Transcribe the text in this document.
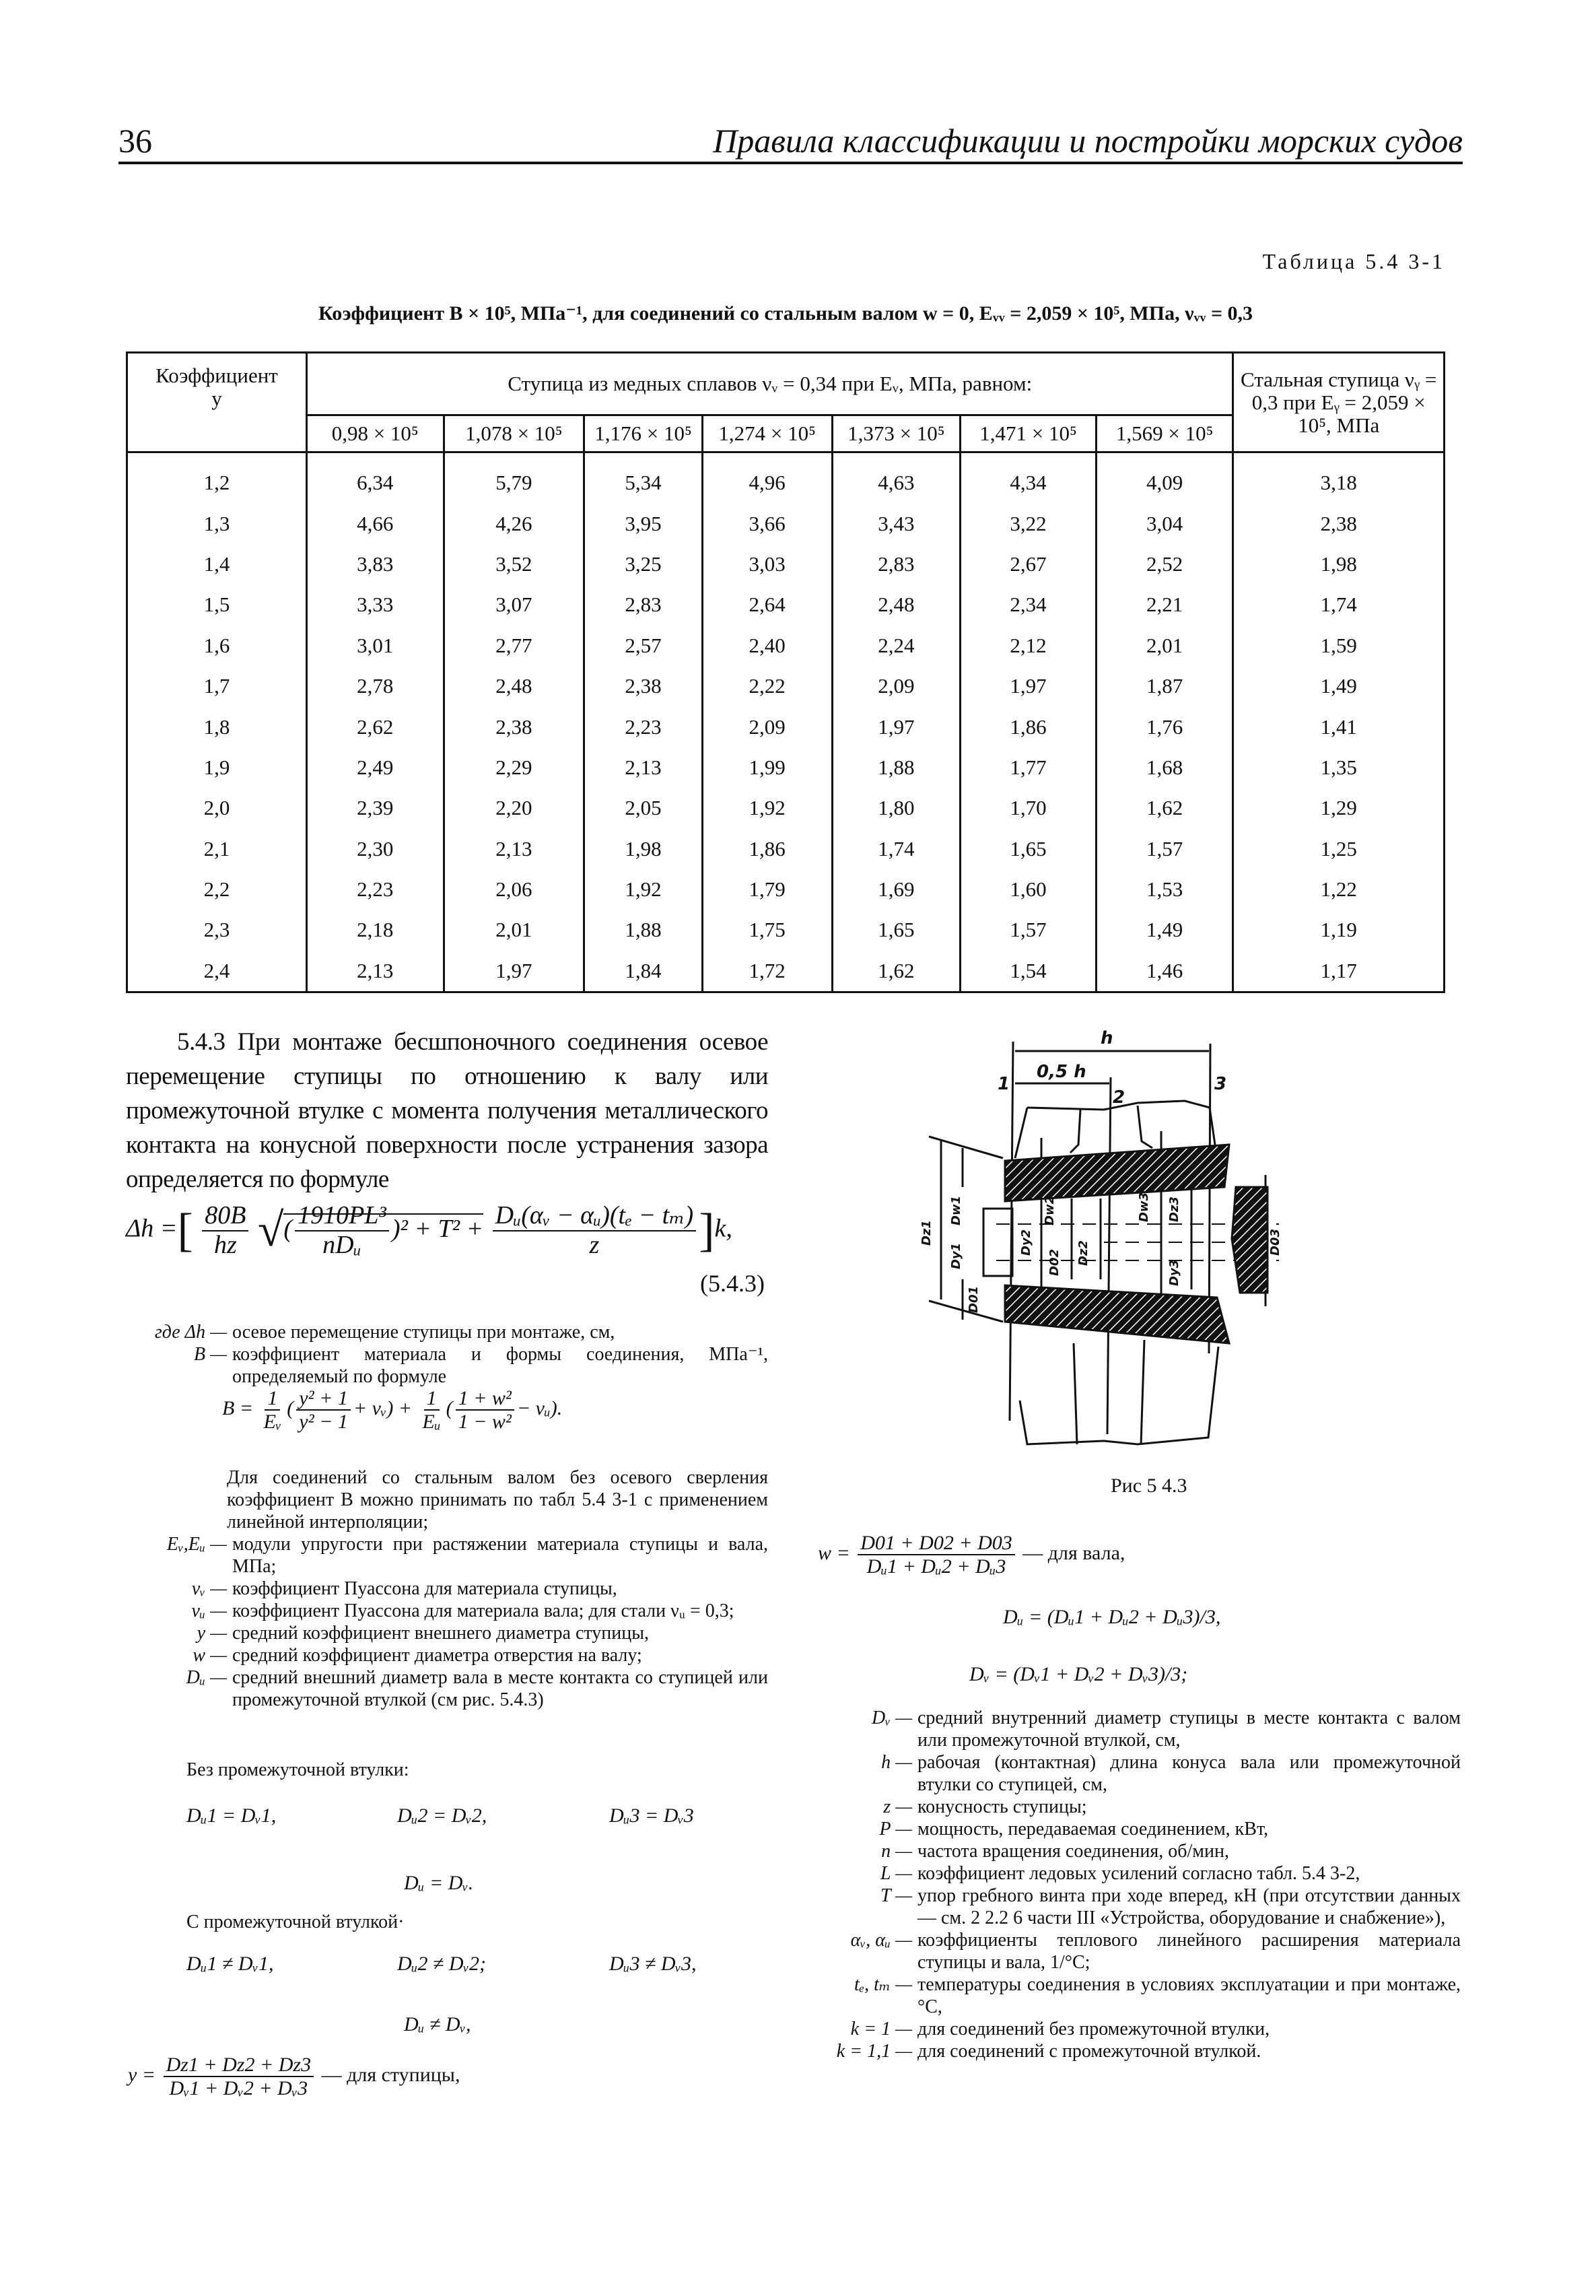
36	Правила классификации и постройки морских судов
Таблица 5.4 3-1
Коэффициент B × 10⁵, МПа⁻¹, для соединений со стальным валом w = 0, Eᵥᵥ = 2,059 × 10⁵, МПа, νᵥᵥ = 0,3
Коэффициент y	Ступица из медных сплавов νᵥ = 0,34 при Eᵥ, МПа, равном:							Стальная ступица νᵧ = 0,3 при Eᵧ = 2,059 × 10⁵, МПа
	0,98 × 10⁵	1,078 × 10⁵	1,176 × 10⁵	1,274 × 10⁵	1,373 × 10⁵	1,471 × 10⁵	1,569 × 10⁵	
1,2	6,34	5,79	5,34	4,96	4,63	4,34	4,09	3,18
1,3	4,66	4,26	3,95	3,66	3,43	3,22	3,04	2,38
1,4	3,83	3,52	3,25	3,03	2,83	2,67	2,52	1,98
1,5	3,33	3,07	2,83	2,64	2,48	2,34	2,21	1,74
1,6	3,01	2,77	2,57	2,40	2,24	2,12	2,01	1,59
1,7	2,78	2,48	2,38	2,22	2,09	1,97	1,87	1,49
1,8	2,62	2,38	2,23	2,09	1,97	1,86	1,76	1,41
1,9	2,49	2,29	2,13	1,99	1,88	1,77	1,68	1,35
2,0	2,39	2,20	2,05	1,92	1,80	1,70	1,62	1,29
2,1	2,30	2,13	1,98	1,86	1,74	1,65	1,57	1,25
2,2	2,23	2,06	1,92	1,79	1,69	1,60	1,53	1,22
2,3	2,18	2,01	1,88	1,75	1,65	1,57	1,49	1,19
2,4	2,13	1,97	1,84	1,72	1,62	1,54	1,46	1,17
5.4.3 При монтаже бесшпоночного соединения осевое перемещение ступицы по отношению к валу или промежуточной втулке с момента получения металлического контакта на конусной поверхности после устранения зазора определяется по формуле
Δh =[ $\frac{80B}{hz}$ √( $\frac{\text{1910PL³}}{\text{nDᵤ}} )^2 + T^2 + \frac{\text{Dᵤ(αᵥ − αᵤ)(tₑ − tₘ)}}{z} ]k$,
(5.4.3)
где Δh — осевое перемещение ступицы при монтаже, см,
B — коэффициент материала и формы соединения, МПа⁻¹, определяемый по формуле
$B = \frac{1}{\text{Eᵥ}}$ ( $\frac{\text{y² + 1}}{\text{y² − 1}}$ + νᵥ) + $\frac{1}{\text{Eᵤ}}$ ( $\frac{\text{1 + w²}}{\text{1 − w²}}$ − νᵤ).
Для соединений со стальным валом без осевого сверления коэффициент B можно принимать по табл 5.4 3-1 с применением линейной интерполяции;
Eᵥ,Eᵤ — модули упругости при растяжении материала ступицы и вала, МПа;
νᵥ — коэффициент Пуассона для материала ступицы,
νᵤ — коэффициент Пуассона для материала вала; для стали νᵤ = 0,3;
y — средний коэффициент внешнего диаметра ступицы,
w — средний коэффициент диаметра отверстия на валу;
Dᵤ — средний внешний диаметр вала в месте контакта со ступицей или промежуточной втулкой (см рис. 5.4.3)
Без промежуточной втулки:
Dᵤ1 = Dᵥ1,	Dᵤ2 = Dᵥ2,	Dᵤ3 = Dᵥ3
Dᵤ = Dᵥ.
С промежуточной втулкой·
Dᵤ1 ≠ Dᵥ1,	Dᵤ2 ≠ Dᵥ2;	Dᵤ3 ≠ Dᵥ3,
Dᵤ ≠ Dᵥ,
$y = \frac{Dz1 + Dz2 + Dz3}{\text{Dᵥ1 + Dᵥ2 + Dᵥ3}}$ — для ступицы,
h
0,5 h
1
2
3
Dz1
Dw1
Dy1
D01
Dy2
Dw2
D02 Dz2
Dw3 Dz3
Dy3
D03
Рис 5 4.3
$w = \frac{D01 + D02 + D03}{\text{Dᵤ1 + Dᵤ2 + Dᵤ3}}$ — для вала,
Dᵤ = (Dᵤ1 + Dᵤ2 + Dᵤ3)/3,
Dᵥ = (Dᵥ1 + Dᵥ2 + Dᵥ3)/3;
Dᵥ — средний внутренний диаметр ступицы в месте контакта с валом или промежуточной втулкой, см,
h — рабочая (контактная) длина конуса вала или промежуточной втулки со ступицей, см,
z — конусность ступицы;
P — мощность, передаваемая соединением, кВт,
n — частота вращения соединения, об/мин,
L — коэффициент ледовых усилений согласно табл. 5.4 3-2,
T — упор гребного винта при ходе вперед, кН (при отсутствии данных — см. 2 2.2 6 части III «Устройства, оборудование и снабжение»),
αᵥ, αᵤ — коэффициенты теплового линейного расширения материала ступицы и вала, 1/°С;
tₑ, tₘ — температуры соединения в условиях эксплуатации и при монтаже, °С,
k = 1 — для соединений без промежуточной втулки,
k = 1,1 — для соединений с промежуточной втулкой.
